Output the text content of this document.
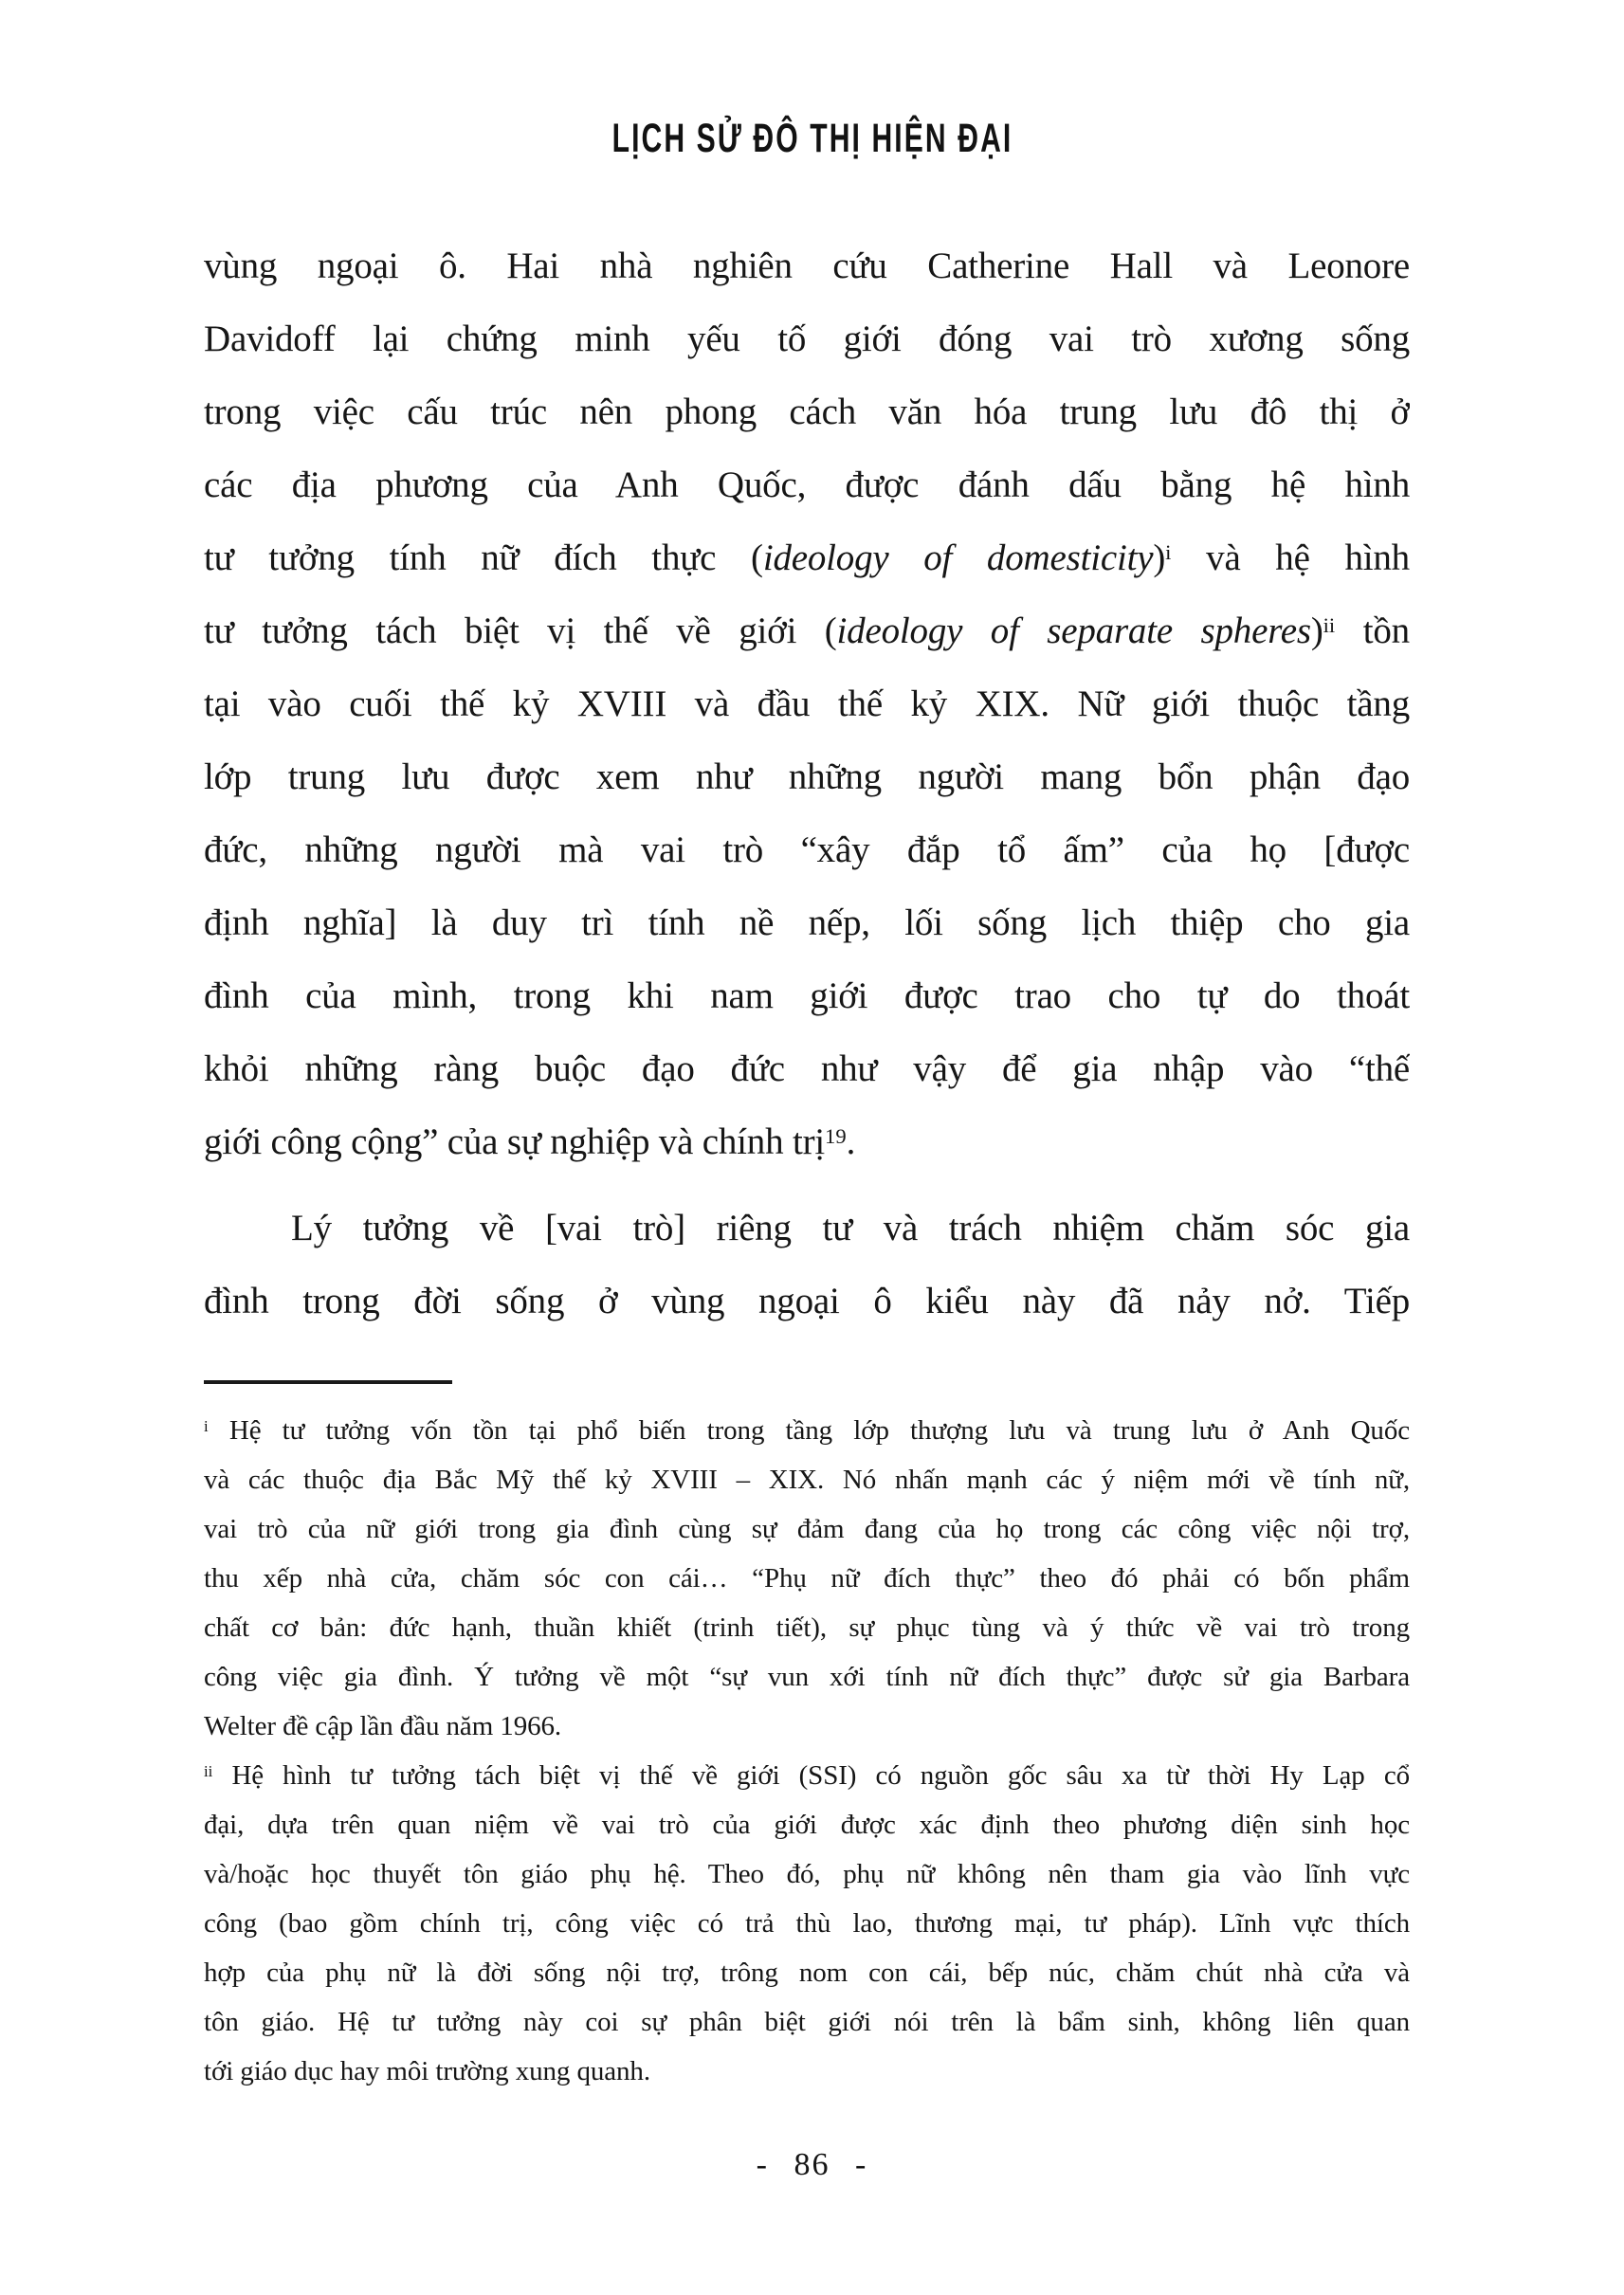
LỊCH SỬ ĐÔ THỊ HIỆN ĐẠI
vùng ngoại ô. Hai nhà nghiên cứu Catherine Hall và Leonore
Davidoff lại chứng minh yếu tố giới đóng vai trò xương sống
trong việc cấu trúc nên phong cách văn hóa trung lưu đô thị ở
các địa phương của Anh Quốc, được đánh dấu bằng hệ hình
tư tưởng tính nữ đích thực (ideology of domesticity)$^i$ và hệ hình
tư tưởng tách biệt vị thế về giới (ideology of separate spheres)$^{ii}$ tồn
tại vào cuối thế kỷ XVIII và đầu thế kỷ XIX. Nữ giới thuộc tầng
lớp trung lưu được xem như những người mang bổn phận đạo
đức, những người mà vai trò “xây đắp tổ ấm” của họ [được
định nghĩa] là duy trì tính nề nếp, lối sống lịch thiệp cho gia
đình của mình, trong khi nam giới được trao cho tự do thoát
khỏi những ràng buộc đạo đức như vậy để gia nhập vào “thế
giới công cộng” của sự nghiệp và chính trị$^{19}$.
Lý tưởng về [vai trò] riêng tư và trách nhiệm chăm sóc gia
đình trong đời sống ở vùng ngoại ô kiểu này đã nảy nở. Tiếp
$^i$ Hệ tư tưởng vốn tồn tại phổ biến trong tầng lớp thượng lưu và trung lưu ở Anh Quốc
và các thuộc địa Bắc Mỹ thế kỷ XVIII – XIX. Nó nhấn mạnh các ý niệm mới về tính nữ,
vai trò của nữ giới trong gia đình cùng sự đảm đang của họ trong các công việc nội trợ,
thu xếp nhà cửa, chăm sóc con cái… “Phụ nữ đích thực” theo đó phải có bốn phẩm
chất cơ bản: đức hạnh, thuần khiết (trinh tiết), sự phục tùng và ý thức về vai trò trong
công việc gia đình. Ý tưởng về một “sự vun xới tính nữ đích thực” được sử gia Barbara
Welter đề cập lần đầu năm 1966.
$^{ii}$ Hệ hình tư tưởng tách biệt vị thế về giới (SSI) có nguồn gốc sâu xa từ thời Hy Lạp cổ
đại, dựa trên quan niệm về vai trò của giới được xác định theo phương diện sinh học
và/hoặc học thuyết tôn giáo phụ hệ. Theo đó, phụ nữ không nên tham gia vào lĩnh vực
công (bao gồm chính trị, công việc có trả thù lao, thương mại, tư pháp). Lĩnh vực thích
hợp của phụ nữ là đời sống nội trợ, trông nom con cái, bếp núc, chăm chút nhà cửa và
tôn giáo. Hệ tư tưởng này coi sự phân biệt giới nói trên là bẩm sinh, không liên quan
tới giáo dục hay môi trường xung quanh.
- 86 -
